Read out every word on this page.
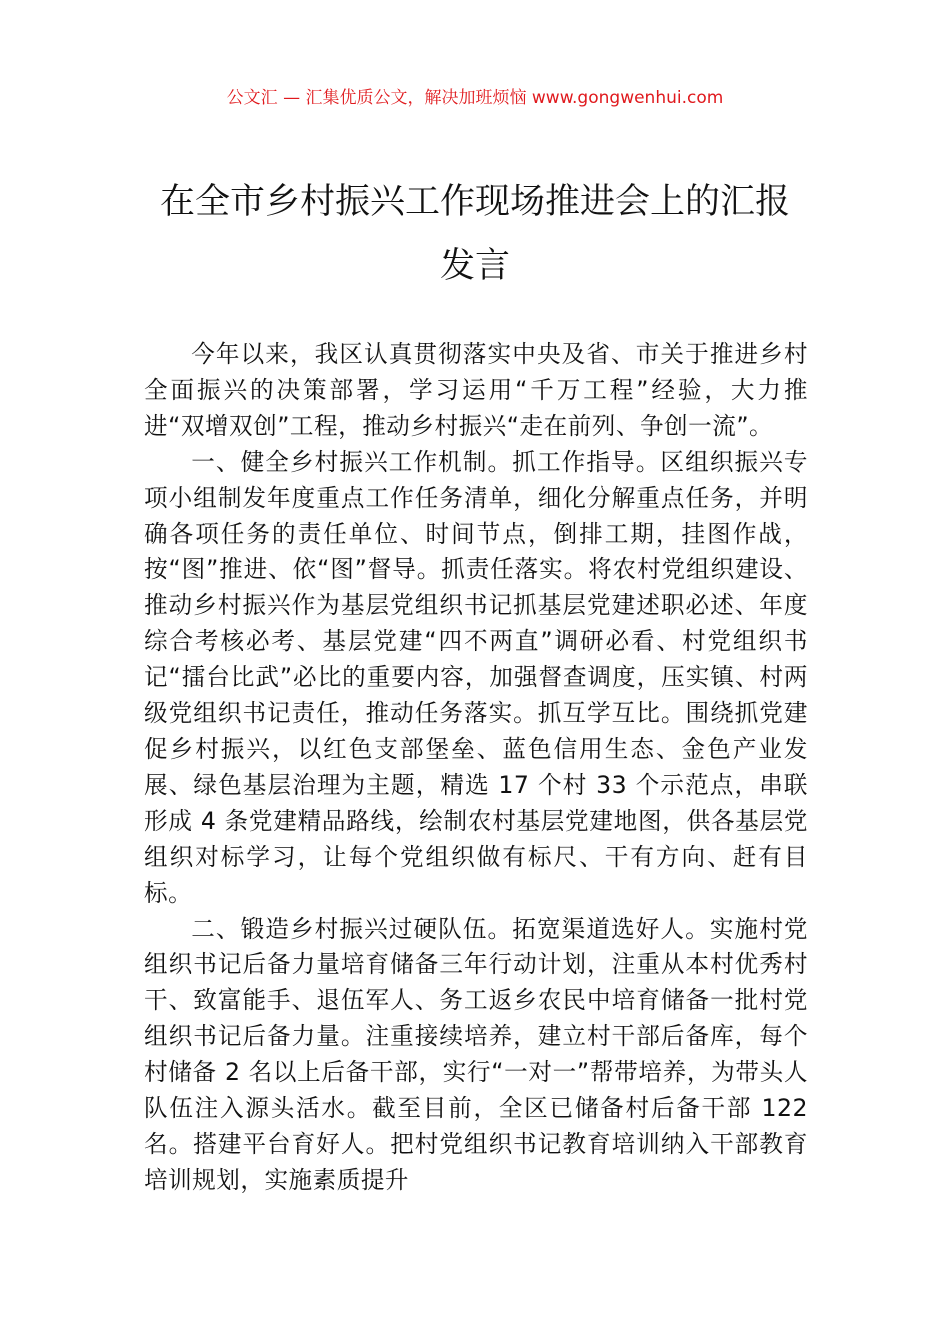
公文汇 — 汇集优质公文，解决加班烦恼 www.gongwenhui.com
在全市乡村振兴工作现场推进会上的汇报
发言

今年以来，我区认真贯彻落实中央及省、市关于推进乡村全面振兴的决策部署，学习运用“千万工程”经验，大力推进“双增双创”工程，推动乡村振兴“走在前列、争创一流”。

一、健全乡村振兴工作机制。抓工作指导。区组织振兴专项小组制发年度重点工作任务清单，细化分解重点任务，并明确各项任务的责任单位、时间节点，倒排工期，挂图作战，按“图”推进、依“图”督导。抓责任落实。将农村党组织建设、推动乡村振兴作为基层党组织书记抓基层党建述职必述、年度综合考核必考、基层党建“四不两直”调研必看、村党组织书记“擂台比武”必比的重要内容，加强督查调度，压实镇、村两级党组织书记责任，推动任务落实。抓互学互比。围绕抓党建促乡村振兴，以红色支部堡垒、蓝色信用生态、金色产业发展、绿色基层治理为主题，精选 17 个村 33 个示范点，串联形成 4 条党建精品路线，绘制农村基层党建地图，供各基层党组织对标学习，让每个党组织做有标尺、干有方向、赶有目标。

二、锻造乡村振兴过硬队伍。拓宽渠道选好人。实施村党组织书记后备力量培育储备三年行动计划，注重从本村优秀村干、致富能手、退伍军人、务工返乡农民中培育储备一批村党组织书记后备力量。注重接续培养，建立村干部后备库，每个村储备 2 名以上后备干部，实行“一对一”帮带培养，为带头人队伍注入源头活水。截至目前，全区已储备村后备干部 122 名。搭建平台育好人。把村党组织书记教育培训纳入干部教育培训规划，实施素质提升
